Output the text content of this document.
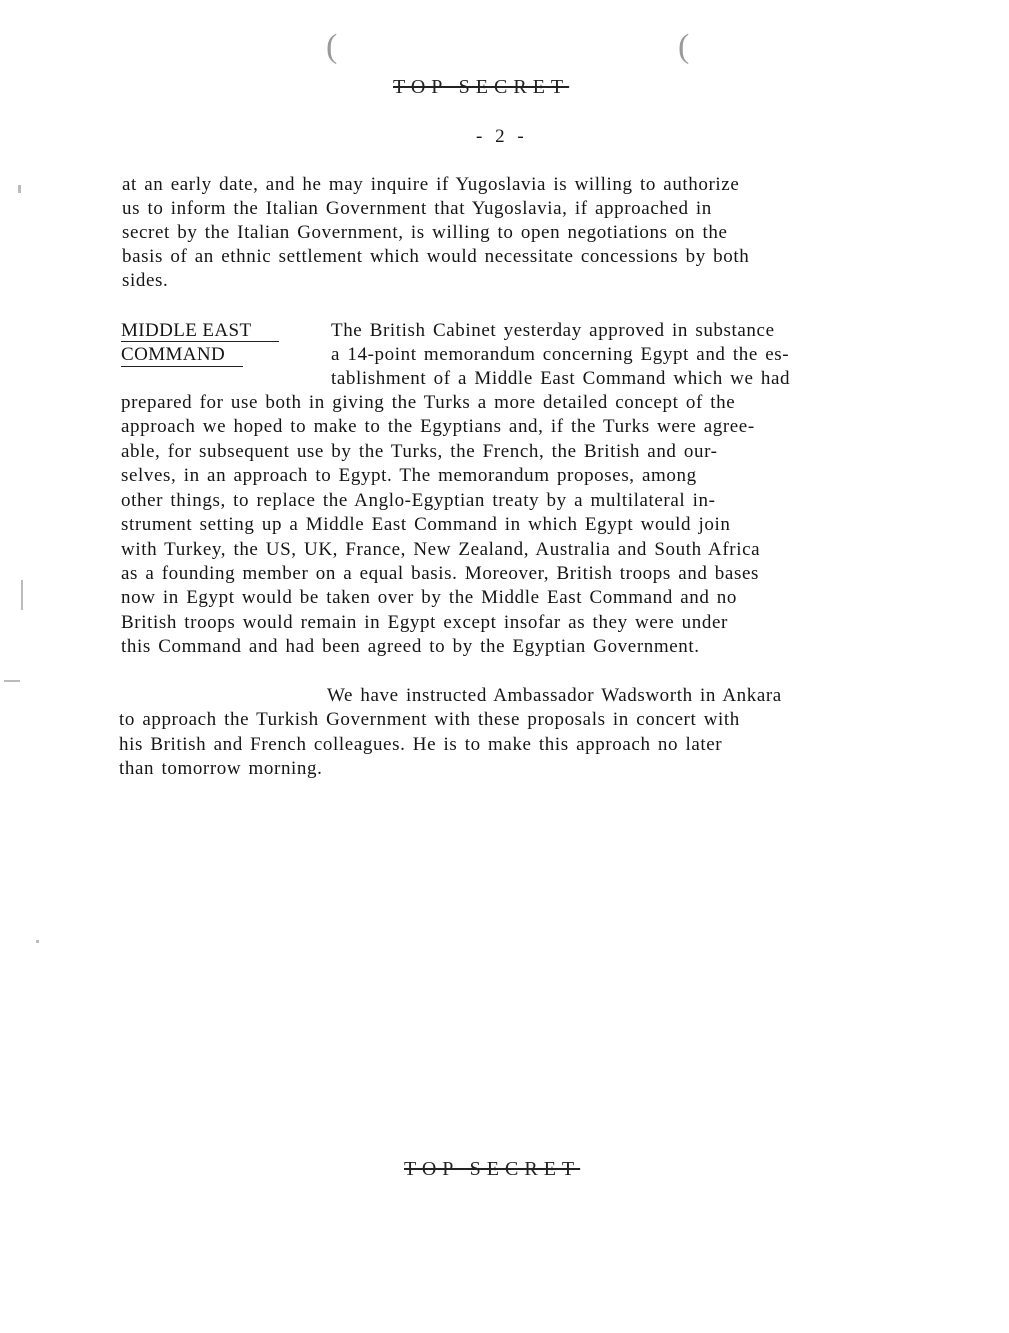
(	(
TOP SECRET
- 2 -
at an early date, and he may inquire if Yugoslavia is willing to authorize
us to inform the Italian Government that Yugoslavia, if approached in
secret by the Italian Government, is willing to open negotiations on the
basis of an ethnic settlement which would necessitate concessions by both
sides.
MIDDLE EAST
COMMAND
The British Cabinet yesterday approved in substance
a 14-point memorandum concerning Egypt and the es-
tablishment of a Middle East Command which we had
prepared for use both in giving the Turks a more detailed concept of the
approach we hoped to make to the Egyptians and, if the Turks were agree-
able, for subsequent use by the Turks, the French, the British and our-
selves, in an approach to Egypt. The memorandum proposes, among
other things, to replace the Anglo-Egyptian treaty by a multilateral in-
strument setting up a Middle East Command in which Egypt would join
with Turkey, the US, UK, France, New Zealand, Australia and South Africa
as a founding member on a equal basis. Moreover, British troops and bases
now in Egypt would be taken over by the Middle East Command and no
British troops would remain in Egypt except insofar as they were under
this Command and had been agreed to by the Egyptian Government.
We have instructed Ambassador Wadsworth in Ankara
to approach the Turkish Government with these proposals in concert with
his British and French colleagues. He is to make this approach no later
than tomorrow morning.
TOP SECRET
